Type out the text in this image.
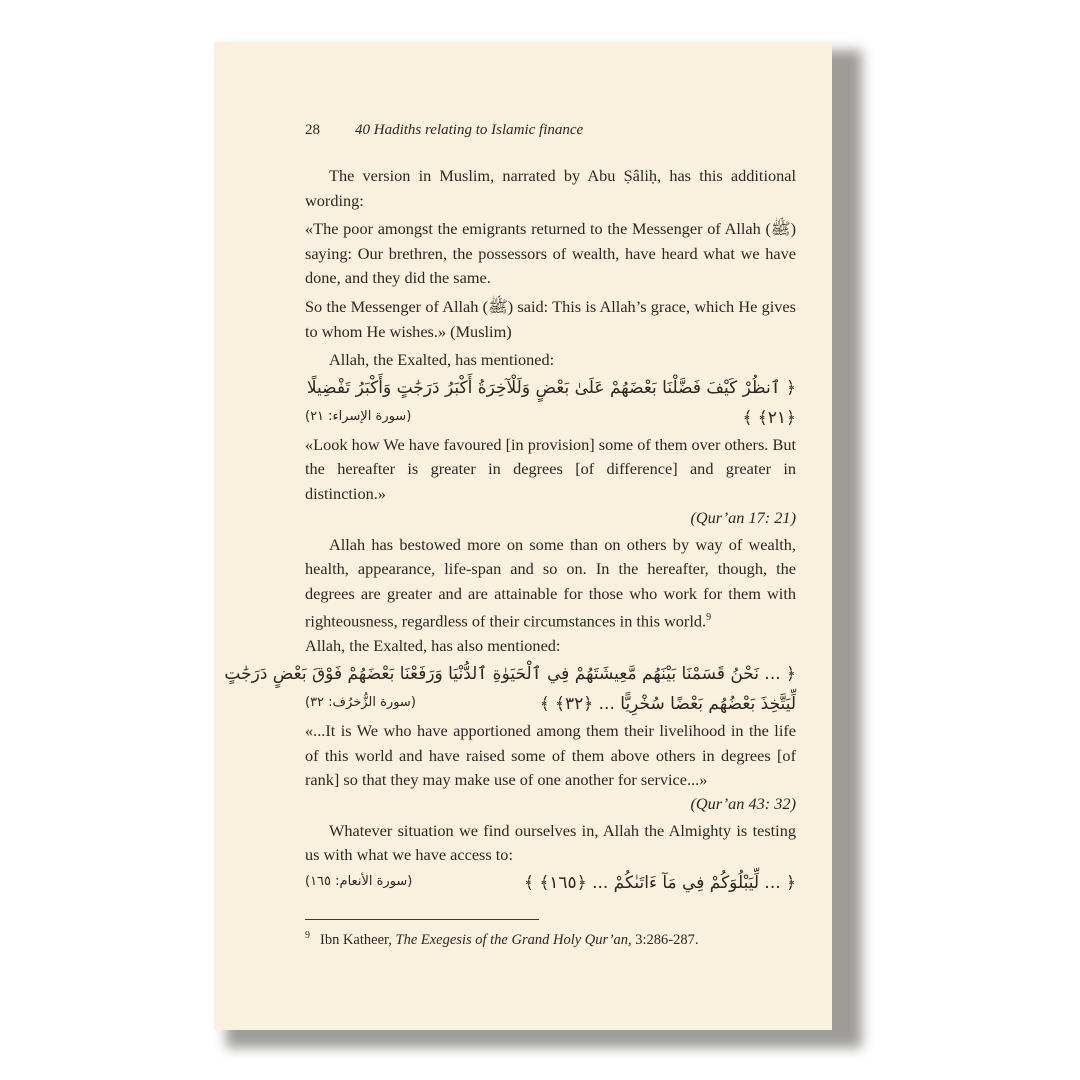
28 40 Hadiths relating to Islamic finance

The version in Muslim, narrated by Abu Ṣâliḥ, has this additional wording:

«The poor amongst the emigrants returned to the Messenger of Allah (ﷺ) saying: Our brethren, the possessors of wealth, have heard what we have done, and they did the same.

So the Messenger of Allah (ﷺ) said: This is Allah’s grace, which He gives to whom He wishes.» (Muslim)

Allah, the Exalted, has mentioned:

﴿ ٱنظُرْ كَيْفَ فَضَّلْنَا بَعْضَهُمْ عَلَىٰ بَعْضٍ وَلَلْآخِرَةُ أَكْبَرُ دَرَجَٰتٍ وَأَكْبَرُ تَفْضِيلًا

﴿٢١﴾ ﴾
(سورة الإسراء: ٢١)

«Look how We have favoured [in provision] some of them over others. But the hereafter is greater in degrees [of difference] and greater in distinction.»

(Qur’an 17: 21)

Allah has bestowed more on some than on others by way of wealth, health, appearance, life-span and so on. In the hereafter, though, the degrees are greater and are attainable for those who work for them with righteousness, regardless of their circumstances in this world.$^9$

Allah, the Exalted, has also mentioned:

﴿ ... نَحْنُ قَسَمْنَا بَيْنَهُم مَّعِيشَتَهُمْ فِي ٱلْحَيَوٰةِ ٱلدُّنْيَا وَرَفَعْنَا بَعْضَهُمْ فَوْقَ بَعْضٍ دَرَجَٰتٍ

لِّيَتَّخِذَ بَعْضُهُم بَعْضًا سُخْرِيًّا ... ﴿٣٢﴾ ﴾
(سورة الزُّخرُف: ٣٢)

«...It is We who have apportioned among them their livelihood in the life of this world and have raised some of them above others in degrees [of rank] so that they may make use of one another for service...»

(Qur’an 43: 32)

Whatever situation we find ourselves in, Allah the Almighty is testing us with what we have access to:

﴿ ... لِّيَبْلُوَكُمْ فِي مَآ ءَاتَىٰكُمْ ... ﴿١٦٥﴾ ﴾
(سورة الأنعام: ١٦٥)
$^9$ Ibn Katheer, The Exegesis of the Grand Holy Qur’an, 3:286-287.
